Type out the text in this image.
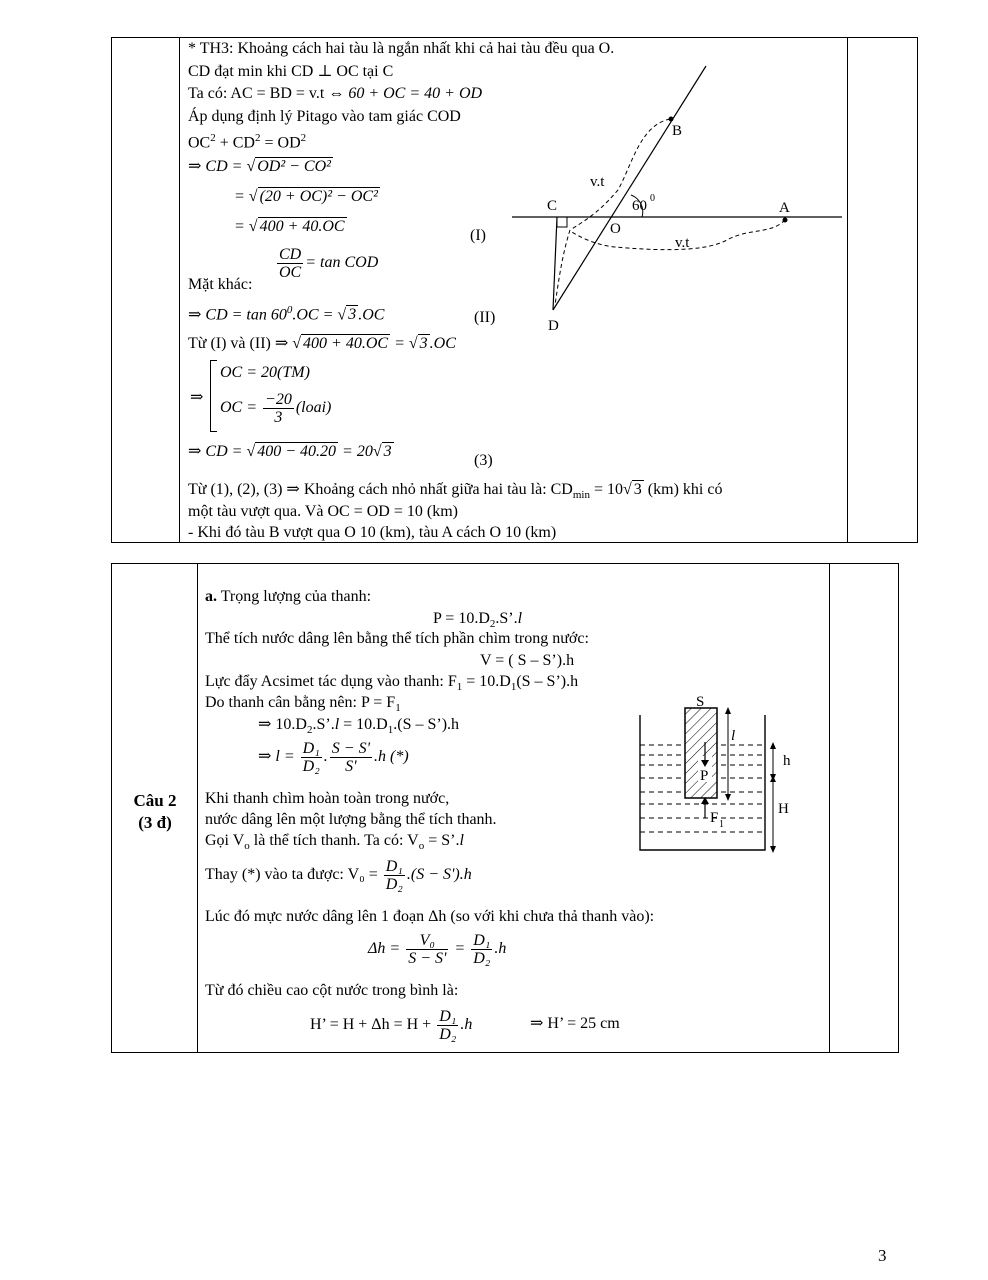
* TH3: Khoảng cách hai tàu là ngắn nhất khi cả hai tàu đều qua O.
CD đạt min khi CD ⊥ OC tại C
Ta có: AC = BD = v.t ⇔ 60 + OC = 40 + OD
Áp dụng định lý Pitago vào tam giác COD
$OC^2 + CD^2 = OD^2$
⇒ CD = √ OD² − CO²
= √ (20 + OC)² − OC²
= √ 400 + 40.OC
(I)
$\frac{CD}{OC} = \tan$ COD
Mặt khác:
⇒ CD = $\tan 60^0.OC$ = √ 3 .OC	(II)
Từ (I) và (II) ⇒ √ 400 + 40.OC = √ 3 .OC
⇒
OC = 20(TM)
OC = $\frac{-20}{3}$ (loai)
⇒ CD = √ 400 − 40.20 = 20√ 3
(3)
Từ (1), (2), (3) ⇒ Khoảng cách nhỏ nhất giữa hai tàu là: $CD_{min} = 10√$ 3 (km) khi có
một tàu vượt qua. Và OC = OD = 10 (km)
- Khi đó tàu B vượt qua O 10 (km), tàu A cách O 10 (km)
B
C
O
A
D
v.t
v.t
60 0
Câu 2
(3 đ)
a. Trọng lượng của thanh:
$P = 10.D_2.S’.l$
Thể tích nước dâng lên bằng thể tích phần chìm trong nước:
V = ( S – S’).h
Lực đẩy Acsimet tác dụng vào thanh: $F_1 = 10.D_1(S$ – S’).h
Do thanh cân bằng nên: $P = F_1$
⇒ $10.D_2.S’.l = 10.D_1.(S$ – S’).h
⇒ $l = \frac{\text{D₁}}{\text{D₂}}$ . $\frac{S - S'}{S'} .h$ (*)
Khi thanh chìm hoàn toàn trong nước,
nước dâng lên một lượng bằng thể tích thanh.
Gọi $V_o$ là thể tích thanh. Ta có: $V_o$ = S’.l
Thay (*) vào ta được: $V_0 = \frac{\text{D₁}}{\text{D₂}} .(S - S').h$
Lúc đó mực nước dâng lên 1 đoạn Δh (so với khi chưa thả thanh vào):
$\Delta h = \frac{\text{V₀}}{S - S'} = \frac{\text{D₁}}{\text{D₂}} .h$
Từ đó chiều cao cột nước trong bình là:
H’ = $H + \Delta h = H + \frac{\text{D₁}}{\text{D₂}} .h$	⇒ H’ = 25 cm
S
l
h
P
H
F 1
3
